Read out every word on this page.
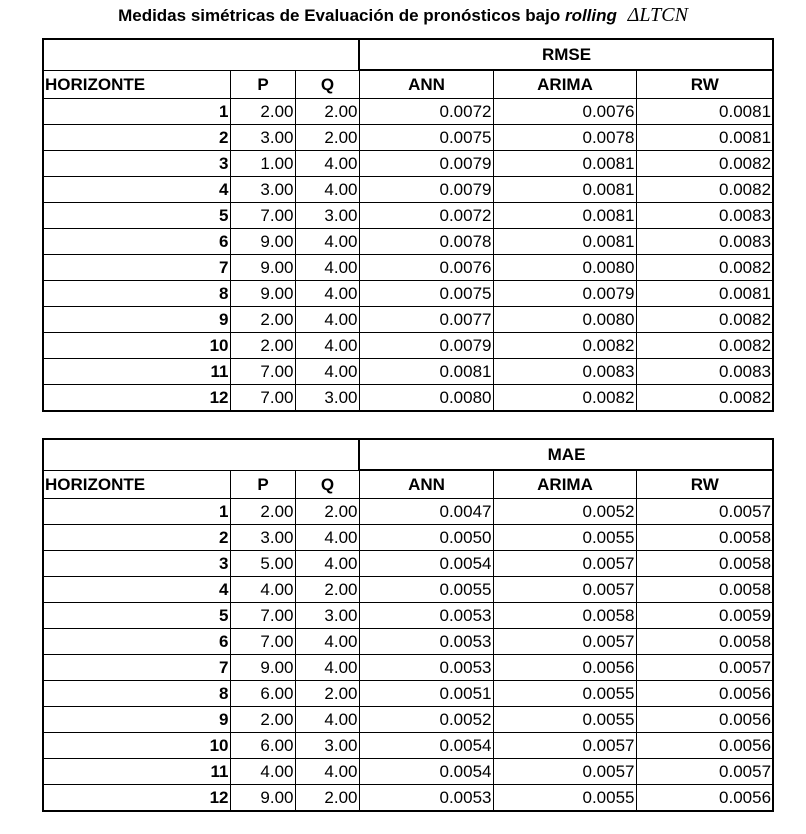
Medidas simétricas de Evaluación de pronósticos bajo rolling ΔLTCN
			RMSE		
HORIZONTE	P	Q	ANN	ARIMA	RW
1	2.00	2.00	0.0072	0.0076	0.0081
2	3.00	2.00	0.0075	0.0078	0.0081
3	1.00	4.00	0.0079	0.0081	0.0082
4	3.00	4.00	0.0079	0.0081	0.0082
5	7.00	3.00	0.0072	0.0081	0.0083
6	9.00	4.00	0.0078	0.0081	0.0083
7	9.00	4.00	0.0076	0.0080	0.0082
8	9.00	4.00	0.0075	0.0079	0.0081
9	2.00	4.00	0.0077	0.0080	0.0082
10	2.00	4.00	0.0079	0.0082	0.0082
11	7.00	4.00	0.0081	0.0083	0.0083
12	7.00	3.00	0.0080	0.0082	0.0082
			MAE		
HORIZONTE	P	Q	ANN	ARIMA	RW
1	2.00	2.00	0.0047	0.0052	0.0057
2	3.00	4.00	0.0050	0.0055	0.0058
3	5.00	4.00	0.0054	0.0057	0.0058
4	4.00	2.00	0.0055	0.0057	0.0058
5	7.00	3.00	0.0053	0.0058	0.0059
6	7.00	4.00	0.0053	0.0057	0.0058
7	9.00	4.00	0.0053	0.0056	0.0057
8	6.00	2.00	0.0051	0.0055	0.0056
9	2.00	4.00	0.0052	0.0055	0.0056
10	6.00	3.00	0.0054	0.0057	0.0056
11	4.00	4.00	0.0054	0.0057	0.0057
12	9.00	2.00	0.0053	0.0055	0.0056
